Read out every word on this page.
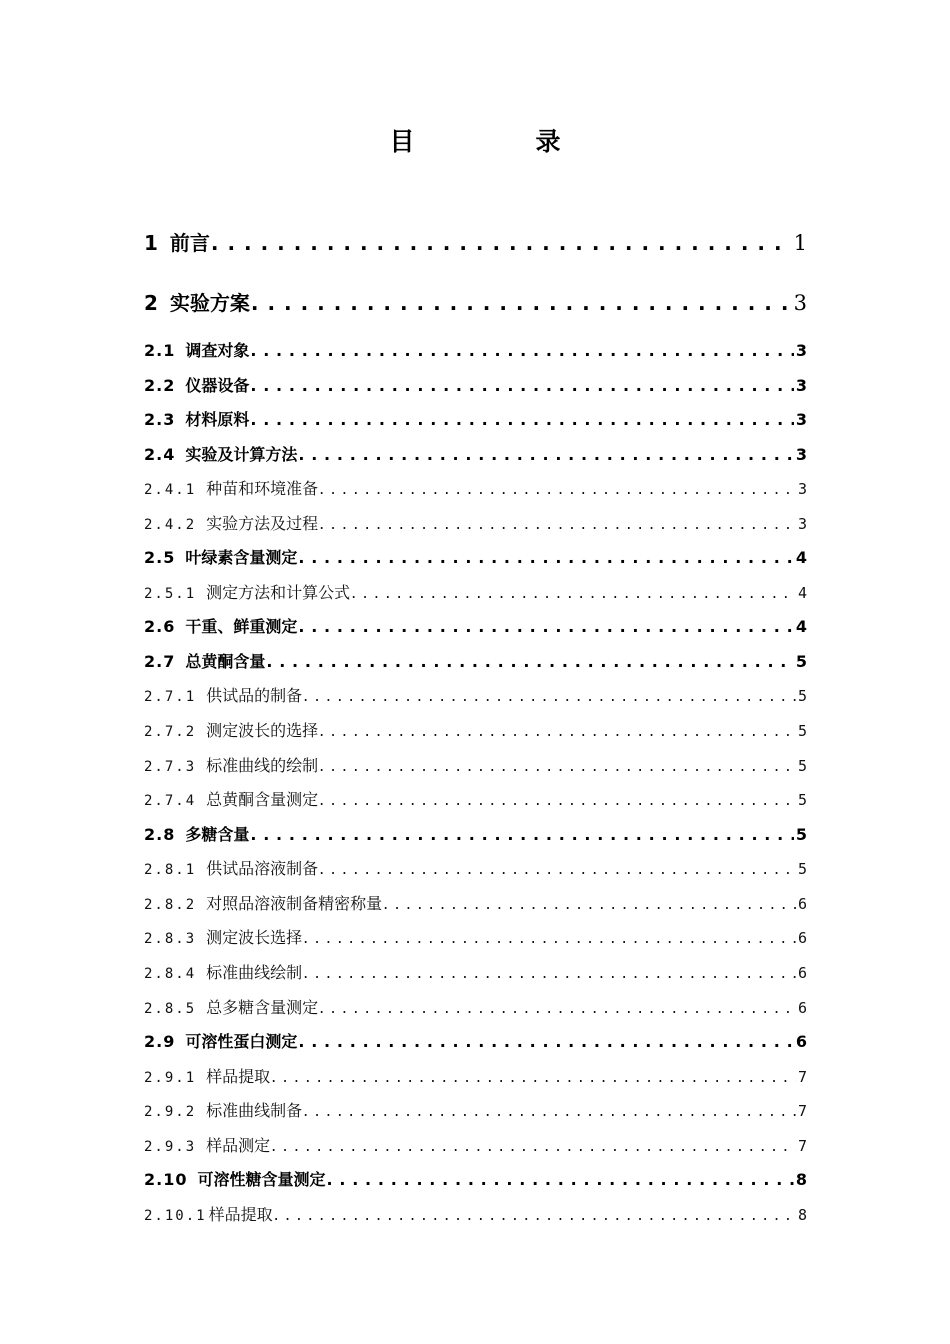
目　录
1 前言 . . .	1
2 实验方案 . . .	3
2.1 调查对象 . . .	3
2.2 仪器设备 . . .	3
2.3 材料原料 . . .	3
2.4 实验及计算方法 . . .	3
2.4.1 种苗和环境准备 . . .	3
2.4.2 实验方法及过程 . . .	3
2.5 叶绿素含量测定 . . .	4
2.5.1 测定方法和计算公式 . . .	4
2.6 干重、鲜重测定 . . .	4
2.7 总黄酮含量 . . .	5
2.7.1 供试品的制备 . . .	5
2.7.2 测定波长的选择 . . .	5
2.7.3 标准曲线的绘制 . . .	5
2.7.4 总黄酮含量测定 . . .	5
2.8 多糖含量 . . .	5
2.8.1 供试品溶液制备 . . .	5
2.8.2 对照品溶液制备精密称量 . . .	6
2.8.3 测定波长选择 . . .	6
2.8.4 标准曲线绘制 . . .	6
2.8.5 总多糖含量测定 . . .	6
2.9 可溶性蛋白测定 . . .	6
2.9.1 样品提取 . . .	7
2.9.2 标准曲线制备 . . .	7
2.9.3 样品测定 . . .	7
2.10 可溶性糖含量测定 . . .	8
2.10.1 样品提取 . . .	8
